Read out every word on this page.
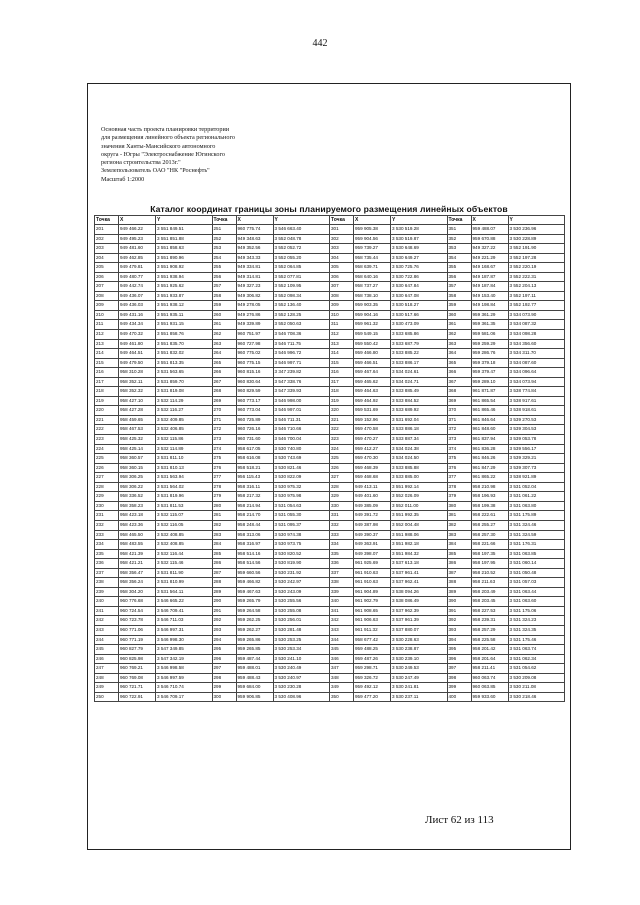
442
Основная часть проекта планировки территории
для размещения линейного объекта регионального
значения Ханты-Мансийского автономного
округа - Югры "Электроснабжение Югинского
региона строительства 2013г."
Землепользователь ОАО "НК "Роснефть"
Масштаб 1:2000
Каталог координат границы зоны планируемого размещения линейных объектов
Точка	X	Y	Точка	X	Y	Точка	X	Y	Точка	X	Y
201	949 466.22	3 551 849.51	251	960 775.74	3 546 663.40	301	959 905.38	3 530 519.28	351	959 488.07	3 530 236.96
202	949 495.23	3 551 851.88	252	949 348.63	3 552 048.78	302	959 904.56	3 530 519.87	352	959 670.88	3 530 228.89
203	949 481.60	3 551 858.63	253	949 352.56	3 552 052.72	303	959 739.27	3 530 648.69	353	949 327.22	3 552 191.90
204	949 462.85	3 551 890.96	254	949 343.33	3 552 055.20	304	958 735.44	3 530 649.27	354	949 221.29	3 552 197.28
205	949 479.81	3 551 908.92	255	949 334.81	3 552 064.85	305	958 639.71	3 530 725.76	355	949 168.67	3 552 220.19
206	949 480.77	3 551 938.94	256	949 314.81	3 552 077.81	306	958 640.16	3 530 722.86	356	949 187.87	3 552 222.31
207	949 442.74	3 551 925.62	257	949 327.23	3 552 109.95	307	958 737.27	3 530 647.84	357	949 187.84	3 552 204.13
208	949 436.07	3 551 933.87	258	949 306.82	3 552 098.34	308	958 738.10	3 530 647.08	358	949 153.40	3 552 197.11
209	949 436.03	3 551 938.12	259	949 278.05	3 552 136.40	309	959 903.35	3 530 518.27	359	949 198.84	3 552 192.77
210	949 431.16	3 551 935.11	260	949 276.86	3 552 128.25	310	959 904.16	3 530 517.66	360	959 361.29	3 534 073.90
211	949 434.34	3 551 931.15	261	949 339.89	3 552 050.63	311	959 961.32	3 530 473.09	361	959 361.35	3 534 087.32
212	949 470.32	3 551 858.76	262	960 751.97	3 546 708.36	312	959 549.15	3 533 685.86	362	959 581.06	3 534 098.28
213	949 461.80	3 551 835.70	263	960 727.98	3 546 711.75	313	959 550.42	3 533 687.79	363	959 259.29	3 534 356.60
214	949 464.51	3 551 832.02	264	960 775.02	3 546 996.72	314	959 466.80	3 533 885.22	364	959 286.76	3 534 311.70
215	949 479.50	3 551 813.35	265	960 775.15	3 546 997.71	315	959 466.51	3 533 886.17	365	959 379.18	3 534 087.60
216	958 310.28	3 531 563.65	266	960 815.16	3 347 239.82	316	959 467.64	3 534 024.61	366	959 379.47	3 534 096.64
217	958 352.11	3 531 859.70	267	960 830.64	3 547 338.76	317	959 465.62	3 534 024.71	367	959 289.10	3 534 073.94
218	958 352.32	3 531 819.08	268	960 829.59	3 547 339.93	318	959 464.63	3 533 885.49	368	961 871.87	3 538 774.84
219	958 427.10	3 532 114.29	269	960 773.17	3 546 998.00	319	959 464.92	3 533 884.52	369	961 865.54	3 538 917.61
220	958 427.28	3 532 116.27	270	960 773.04	3 546 997.01	320	959 531.69	3 533 689.92	370	961 865.46	3 538 918.61
221	958 459.65	3 532 409.85	271	960 725.89	3 546 711.31	321	959 152.96	3 531 692.04	371	961 846.64	3 539 270.53
222	958 467.53	3 532 406.85	272	960 726.16	3 546 710.66	322	959 470.58	3 533 886.18	372	961 848.60	3 539 304.53
223	958 425.32	3 532 115.86	273	960 731.60	3 546 700.04	323	959 470.27	3 533 887.34	373	961 837.94	3 539 053.78
224	958 425.14	3 532 114.89	274	958 617.05	3 530 740.80	324	959 412.27	3 534 024.38	374	961 836.28	3 539 556.17
225	958 360.57	3 531 811.10	275	958 616.08	3 530 743.69	325	959 470.30	3 534 024.50	375	961 846.26	3 539 329.21
226	958 360.15	3 531 810.13	276	958 518.21	3 530 821.46	326	959 468.39	3 533 885.88	376	961 847.29	3 539 307.73
227	958 306.25	3 531 563.94	277	956 115.43	3 530 822.09	327	959 468.68	3 533 885.00	377	961 865.22	3 538 921.89
228	958 306.22	3 531 564.02	278	958 316.11	3 530 975.32	328	949 413.11	3 551 992.14	378	958 210.98	3 531 052.04
229	958 336.52	3 531 819.96	279	958 217.32	3 530 975.98	329	949 401.60	3 552 026.09	379	958 196.93	3 531 061.22
230	958 358.23	3 531 811.53	280	958 214.94	3 531 054.63	330	949 385.09	3 552 011.00	380	958 199.38	3 531 063.80
231	958 423.18	3 532 115.07	281	958 214.70	3 531 055.30	331	949 391.72	3 551 992.35	381	958 222.61	3 531 175.89
232	958 423.36	3 532 116.05	282	958 248.44	3 531 095.37	332	949 387.98	3 552 004.48	382	958 255.27	3 531 324.46
233	958 465.50	3 532 408.85	283	958 313.06	3 530 974.38	333	949 390.37	3 551 988.06	383	958 257.30	3 531 324.59
234	958 483.55	3 532 408.85	284	958 316.97	3 530 973.75	334	949 363.91	3 551 982.18	384	958 221.66	3 531 176.31
235	958 421.39	3 532 116.44	285	958 514.16	3 530 820.52	335	949 398.07	3 551 984.32	385	958 197.35	3 531 063.85
236	958 421.21	3 532 115.46	286	958 514.56	3 530 819.90	336	961 925.69	3 537 613.18	386	958 197.95	3 531 060.14
237	958 356.47	3 531 811.90	287	959 660.56	3 530 231.92	337	961 910.63	3 537 961.41	387	958 210.52	3 531 050.48
238	958 356.24	3 531 810.99	288	959 466.82	3 530 242.97	338	961 910.63	3 537 962.41	388	958 211.63	3 531 057.03
239	958 304.20	3 531 564.11	289	959 467.63	3 530 243.09	339	961 904.89	3 538 094.26	389	958 203.49	3 531 063.44
240	960 776.68	3 546 665.22	290	959 265.79	3 530 255.56	340	961 902.79	3 538 086.49	390	958 203.45	3 531 063.60
241	960 724.54	3 546 709.41	291	959 264.58	3 530 255.08	341	961 908.65	3 537 962.39	391	958 227.53	3 531 175.06
242	960 723.78	3 546 711.03	292	959 262.25	3 530 256.01	342	961 906.63	3 537 961.39	392	958 239.31	3 531 324.23
243	960 771.06	3 546 997.31	293	959 262.27	3 530 281.48	343	961 911.32	3 537 880.07	393	958 257.29	3 531 324.35
244	960 771.19	3 546 998.30	294	959 265.86	3 530 253.25	344	958 677.42	3 530 228.63	394	958 225.58	3 531 175.46
245	960 827.79	3 547 349.85	295	959 265.85	3 530 253.34	345	959 488.25	3 530 238.87	395	958 201.42	3 531 063.74
246	960 825.98	3 547 342.19	296	959 487.44	3 530 241.10	346	959 487.26	3 530 239.10	396	958 201.64	3 531 062.34
247	960 769.21	3 546 998.58	297	959 488.01	3 530 240.49	347	959 298.71	3 530 249.53	397	958 211.41	3 531 054.62
248	960 769.08	3 546 997.59	298	959 488.43	3 530 240.97	348	959 326.72	3 530 247.49	398	960 063.74	3 530 209.08
249	960 721.71	3 546 710.74	299	959 684.00	3 530 230.28	349	959 492.12	3 530 241.81	399	960 063.85	3 530 211.08
250	960 722.91	3 546 709.17	300	959 906.85	3 530 408.96	350	959 477.20	3 530 237.11	400	959 933.60	3 530 218.46
Лист 62 из 113
